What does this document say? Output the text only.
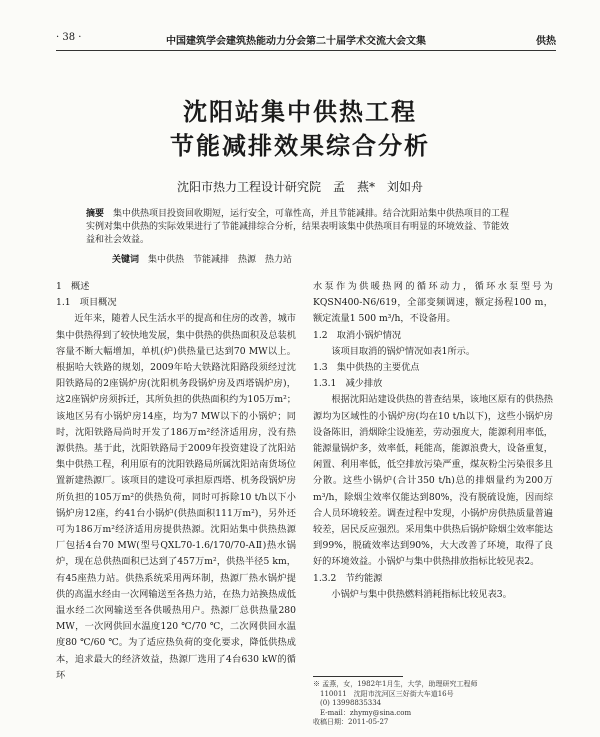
· 38 ·	中国建筑学会建筑热能动力分会第二十届学术交流大会文集	供热
沈阳站集中供热工程
节能减排效果综合分析
沈阳市热力工程设计研究院　孟　燕*　刘如舟
摘要　 集中供热项目投资回收期短，运行安全，可靠性高，并且节能减排。结合沈阳站集中供热项目的工程实例对集中供热的实际效果进行了节能减排综合分析，结果表明该集中供热项目有明显的环境效益、节能效益和社会效益。
关键词　 集中供热　节能减排　热源　热力站

1　概述

1.1　项目概况

近年来，随着人民生活水平的提高和住房的改善，城市集中供热得到了较快地发展，集中供热的供热面积及总装机容量不断大幅增加，单机(炉)供热量已达到70 MW以上。根据哈大铁路的规划，2009年哈大铁路沈阳路段须经过沈阳铁路局的2座锅炉房(沈阳机务段锅炉房及西塔锅炉房)，这2座锅炉房须拆迁，其所负担的供热面积约为105万m²；该地区另有小锅炉房14座，均为7 MW以下的小锅炉；同时，沈阳铁路局尚时开发了186万m²经济适用房，没有热源供热。基于此，沈阳铁路局于2009年投资建设了沈阳站集中供热工程，利用原有的沈阳铁路局所属沈阳站南货场位置新建热源厂。该项目的建设可承担原西塔、机务段锅炉房所负担的105万m²的供热负荷，同时可拆除10 t/h以下小锅炉房12座，约41台小锅炉(供热面积111万m²)，另外还可为186万m²经济适用房提供热源。沈阳站集中供热热源厂包括4台70 MW(型号QXL70-1.6/170/70-AⅡ)热水锅炉，现在总供热面积已达到了457万m²，供热半径5 km，有45座热力站。供热系统采用两环制，热源厂热水锅炉提供的高温水经由一次网输送至各热力站，在热力站换热成低温水经二次网输送至各供暖热用户。热源厂总供热量280 MW，一次网供回水温度120 ℃/70 ℃，二次网供回水温度80 ℃/60 ℃。为了适应热负荷的变化要求，降低供热成本，追求最大的经济效益，热源厂选用了4台630 kW的循环

水泵作为供暖热网的循环动力，循环水泵型号为KQSN400-N6/619，全部变频调速，额定扬程100 m，额定流量1 500 m³/h，不设备用。

1.2　取消小锅炉情况

该项目取消的锅炉情况如表1所示。

1.3　集中供热的主要优点

1.3.1　减少排放

根据沈阳站建设供热的普查结果，该地区原有的供热热源均为区域性的小锅炉房(均在10 t/h以下)，这些小锅炉房设备陈旧，消烟除尘设施差，劳动强度大，能源利用率低，能源量锅炉多，效率低，耗能高，能源浪费大，设备重复，闲置、利用率低，低空排放污染严重，煤灰粉尘污染很多且分散。这些小锅炉(合计350 t/h)总的排烟量约为200万m³/h，除烟尘效率仅能达到80%，没有脱硫设施，因而综合人员环境较差。调查过程中发现，小锅炉房供热质量普遍较差，居民反应强烈。采用集中供热后锅炉除烟尘效率能达到99%，脱硫效率达到90%，大大改善了环境，取得了良好的环境效益。小锅炉与集中供热排放指标比较见表2。

1.3.2　节约能源

小锅炉与集中供热燃料消耗指标比较见表3。

※ 孟燕，女，1982年1月生，大学，助理研究工程师
　110011　沈阳市沈河区三好街大车道16号
　(0) 13998835334
　E-mail：zhymy@sina.com
收稿日期：2011-05-27
